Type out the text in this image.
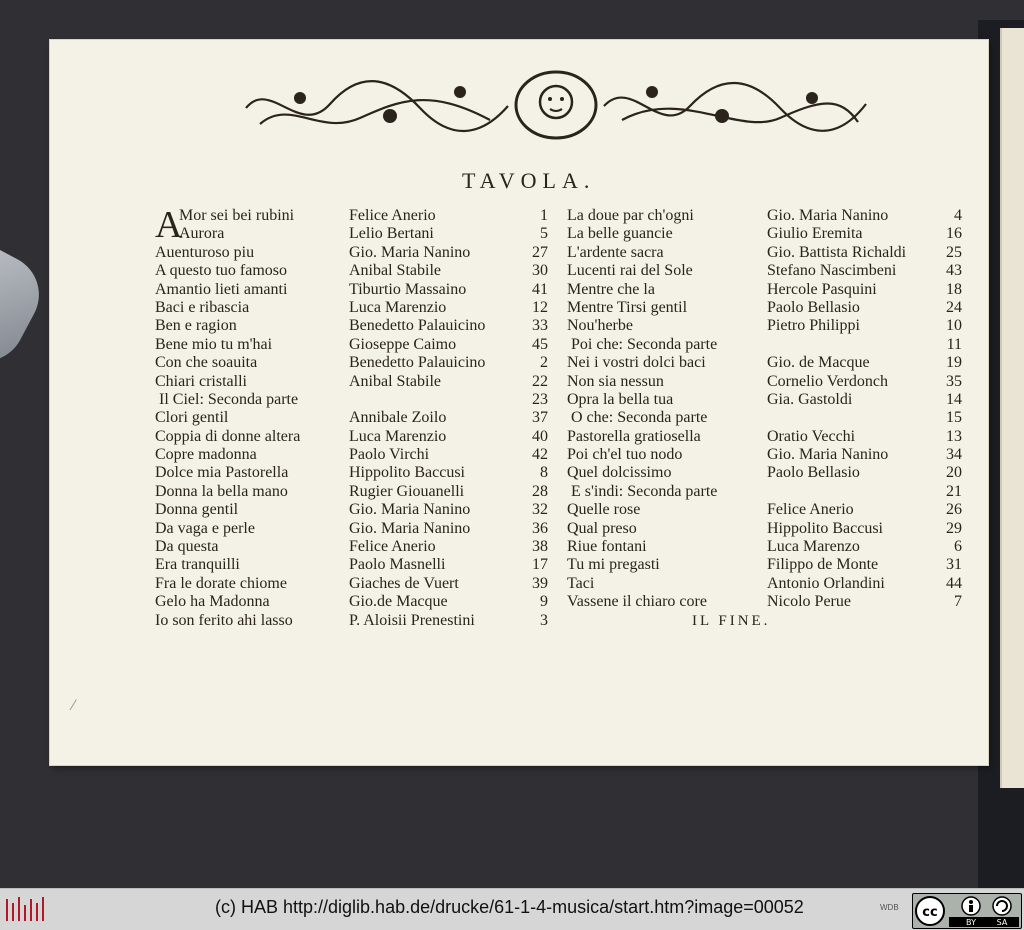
TAVOLA.
A
Mor sei bei rubini
Aurora
Auenturoso piu
A questo tuo famoso
Amantio lieti amanti
Baci e ribascia
Ben e ragion
Bene mio tu m'hai
Con che soauita
Chiari cristalli
Il Ciel: Seconda parte
Clori gentil
Coppia di donne altera
Copre madonna
Dolce mia Pastorella
Donna la bella mano
Donna gentil
Da vaga e perle
Da questa
Era tranquilli
Fra le dorate chiome
Gelo ha Madonna
Io son ferito ahi lasso
Felice Anerio
Lelio Bertani
Gio. Maria Nanino
Anibal Stabile
Tiburtio Massaino
Luca Marenzio
Benedetto Palauicino
Giosеppe Caimo
Benedetto Palauicino
Anibal Stabile
Annibale Zoilo
Luca Marenzio
Paolo Virchi
Hippolito Baccusi
Rugier Giouanelli
Gio. Maria Nanino
Gio. Maria Nanino
Felice Anerio
Paolo Masnelli
Giaches de Vuert
Gio.de Macque
P. Aloisii Prenestini
1
5
27
30
41
12
33
45
2
22
23
37
40
42
8
28
32
36
38
17
39
9
3
La doue par ch'ogni
La belle guancie
L'ardente sacra
Lucenti rai del Sole
Mentre che la
Mentre Tirsi gentil
Nou'herbe
Poi che: Seconda parte
Nei i vostri dolci baci
Non sia nessun
Opra la bella tua
O che: Seconda parte
Pastorella gratiosella
Poi ch'el tuo nodo
Quel dolcissimo
E s'indi: Seconda parte
Quelle rose
Qual preso
Riue fontani
Tu mi pregasti
Taci
Vassene il chiaro core
Gio. Maria Nanino
Giulio Eremita
Gio. Battista Richaldi
Stefano Nascimbeni
Hercole Pasquini
Paolo Bellasio
Pietro Philippi
Gio. de Macque
Cornelio Verdonch
Gia. Gastoldi
Oratio Vecchi
Gio. Maria Nanino
Paolo Bellasio
Felice Anerio
Hippolito Baccusi
Luca Marenzo
Filippo de Monte
Antonio Orlandini
Nicolo Perue
4
16
25
43
18
24
10
11
19
35
14
15
13
34
20
21
26
29
6
31
44
7
IL FINE.
(c) HAB http://diglib.hab.de/drucke/61-1-4-musica/start.htm?image=00052	WDB cc
BY	SA
⁄
